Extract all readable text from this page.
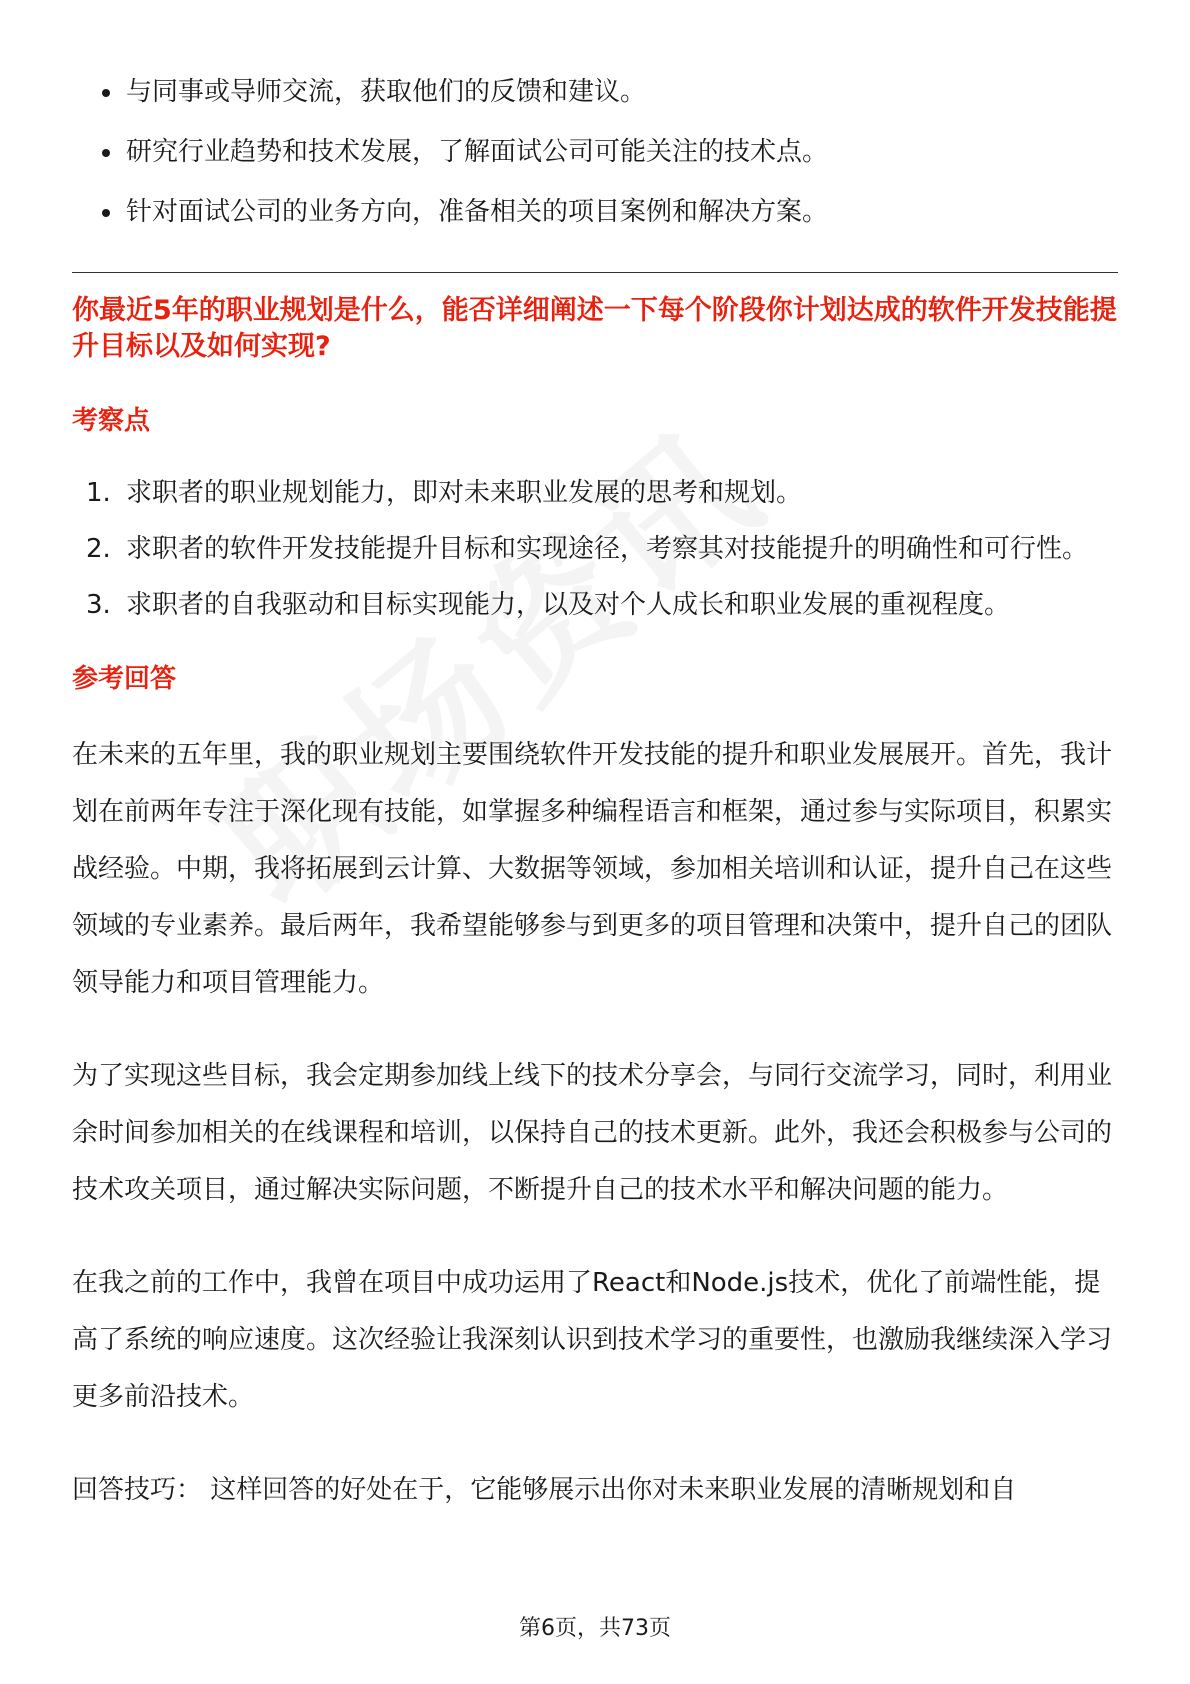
与同事或导师交流，获取他们的反馈和建议。
研究行业趋势和技术发展，了解面试公司可能关注的技术点。
针对面试公司的业务方向，准备相关的项目案例和解决方案。
你最近5年的职业规划是什么，能否详细阐述一下每个阶段你计划达成的软件开发技能提升目标以及如何实现?
考察点
1. 求职者的职业规划能力，即对未来职业发展的思考和规划。
2. 求职者的软件开发技能提升目标和实现途径，考察其对技能提升的明确性和可行性。
3. 求职者的自我驱动和目标实现能力，以及对个人成长和职业发展的重视程度。
参考回答

在未来的五年里，我的职业规划主要围绕软件开发技能的提升和职业发展展开。首先，我计划在前两年专注于深化现有技能，如掌握多种编程语言和框架，通过参与实际项目，积累实战经验。中期，我将拓展到云计算、大数据等领域，参加相关培训和认证，提升自己在这些领域的专业素养。最后两年，我希望能够参与到更多的项目管理和决策中，提升自己的团队领导能力和项目管理能力。

为了实现这些目标，我会定期参加线上线下的技术分享会，与同行交流学习，同时，利用业余时间参加相关的在线课程和培训，以保持自己的技术更新。此外，我还会积极参与公司的技术攻关项目，通过解决实际问题，不断提升自己的技术水平和解决问题的能力。

在我之前的工作中，我曾在项目中成功运用了React和Node.js技术，优化了前端性能，提高了系统的响应速度。这次经验让我深刻认识到技术学习的重要性，也激励我继续深入学习更多前沿技术。

回答技巧： 这样回答的好处在于，它能够展示出你对未来职业发展的清晰规划和自

第6页，共73页
